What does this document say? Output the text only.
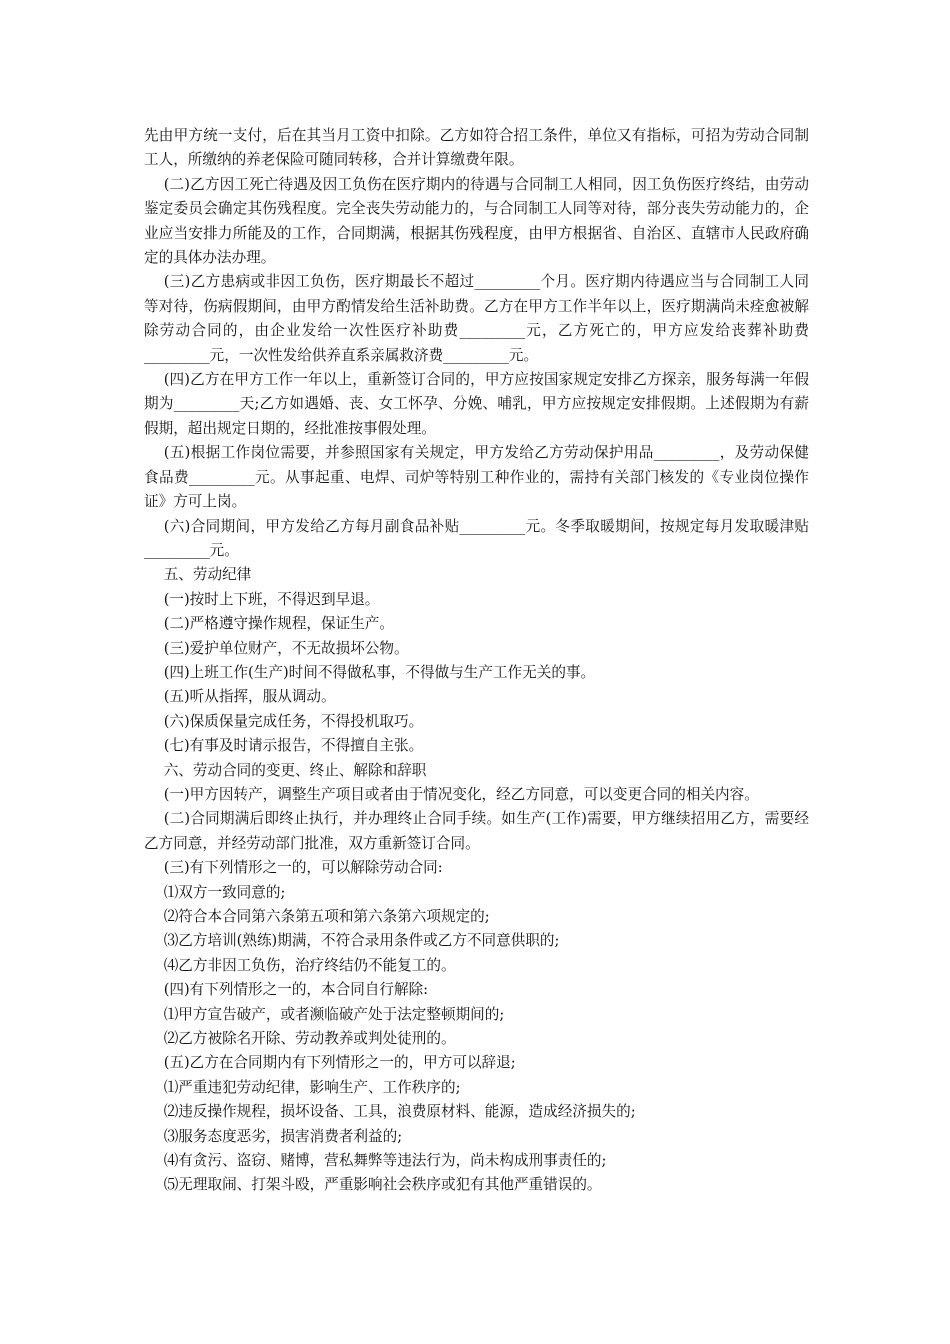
先由甲方统一支付，后在其当月工资中扣除。乙方如符合招工条件，单位又有指标，可招为劳动合同制工人，所缴纳的养老保险可随同转移，合并计算缴费年限。

(二)乙方因工死亡待遇及因工负伤在医疗期内的待遇与合同制工人相同，因工负伤医疗终结，由劳动鉴定委员会确定其伤残程度。完全丧失劳动能力的，与合同制工人同等对待，部分丧失劳动能力的，企业应当安排力所能及的工作，合同期满，根据其伤残程度，由甲方根据省、自治区、直辖市人民政府确定的具体办法办理。

(三)乙方患病或非因工负伤，医疗期最长不超过_________个月。医疗期内待遇应当与合同制工人同等对待，伤病假期间，由甲方酌情发给生活补助费。乙方在甲方工作半年以上，医疗期满尚未痊愈被解除劳动合同的，由企业发给一次性医疗补助费_________元，乙方死亡的，甲方应发给丧葬补助费_________元，一次性发给供养直系亲属救济费_________元。

(四)乙方在甲方工作一年以上，重新签订合同的，甲方应按国家规定安排乙方探亲，服务每满一年假期为_________天;乙方如遇婚、丧、女工怀孕、分娩、哺乳，甲方应按规定安排假期。上述假期为有薪假期，超出规定日期的，经批准按事假处理。

(五)根据工作岗位需要，并参照国家有关规定，甲方发给乙方劳动保护用品_________，及劳动保健食品费_________元。从事起重、电焊、司炉等特别工种作业的，需持有关部门核发的《专业岗位操作证》方可上岗。

(六)合同期间，甲方发给乙方每月副食品补贴_________元。冬季取暖期间，按规定每月发取暖津贴_________元。

五、劳动纪律

(一)按时上下班，不得迟到早退。

(二)严格遵守操作规程，保证生产。

(三)爱护单位财产，不无故损坏公物。

(四)上班工作(生产)时间不得做私事，不得做与生产工作无关的事。

(五)听从指挥，服从调动。

(六)保质保量完成任务，不得投机取巧。

(七)有事及时请示报告，不得擅自主张。

六、劳动合同的变更、终止、解除和辞职

(一)甲方因转产，调整生产项目或者由于情况变化，经乙方同意，可以变更合同的相关内容。

(二)合同期满后即终止执行，并办理终止合同手续。如生产(工作)需要，甲方继续招用乙方，需要经乙方同意，并经劳动部门批准，双方重新签订合同。

(三)有下列情形之一的，可以解除劳动合同:

⑴双方一致同意的;

⑵符合本合同第六条第五项和第六条第六项规定的;

⑶乙方培训(熟练)期满，不符合录用条件或乙方不同意供职的;

⑷乙方非因工负伤，治疗终结仍不能复工的。

(四)有下列情形之一的，本合同自行解除:

⑴甲方宣告破产，或者濒临破产处于法定整顿期间的;

⑵乙方被除名开除、劳动教养或判处徒刑的。

(五)乙方在合同期内有下列情形之一的，甲方可以辞退;

⑴严重违犯劳动纪律，影响生产、工作秩序的;

⑵违反操作规程，损坏设备、工具，浪费原材料、能源，造成经济损失的;

⑶服务态度恶劣，损害消费者利益的;

⑷有贪污、盗窃、赌博，营私舞弊等违法行为，尚未构成刑事责任的;

⑸无理取闹、打架斗殴，严重影响社会秩序或犯有其他严重错误的。
